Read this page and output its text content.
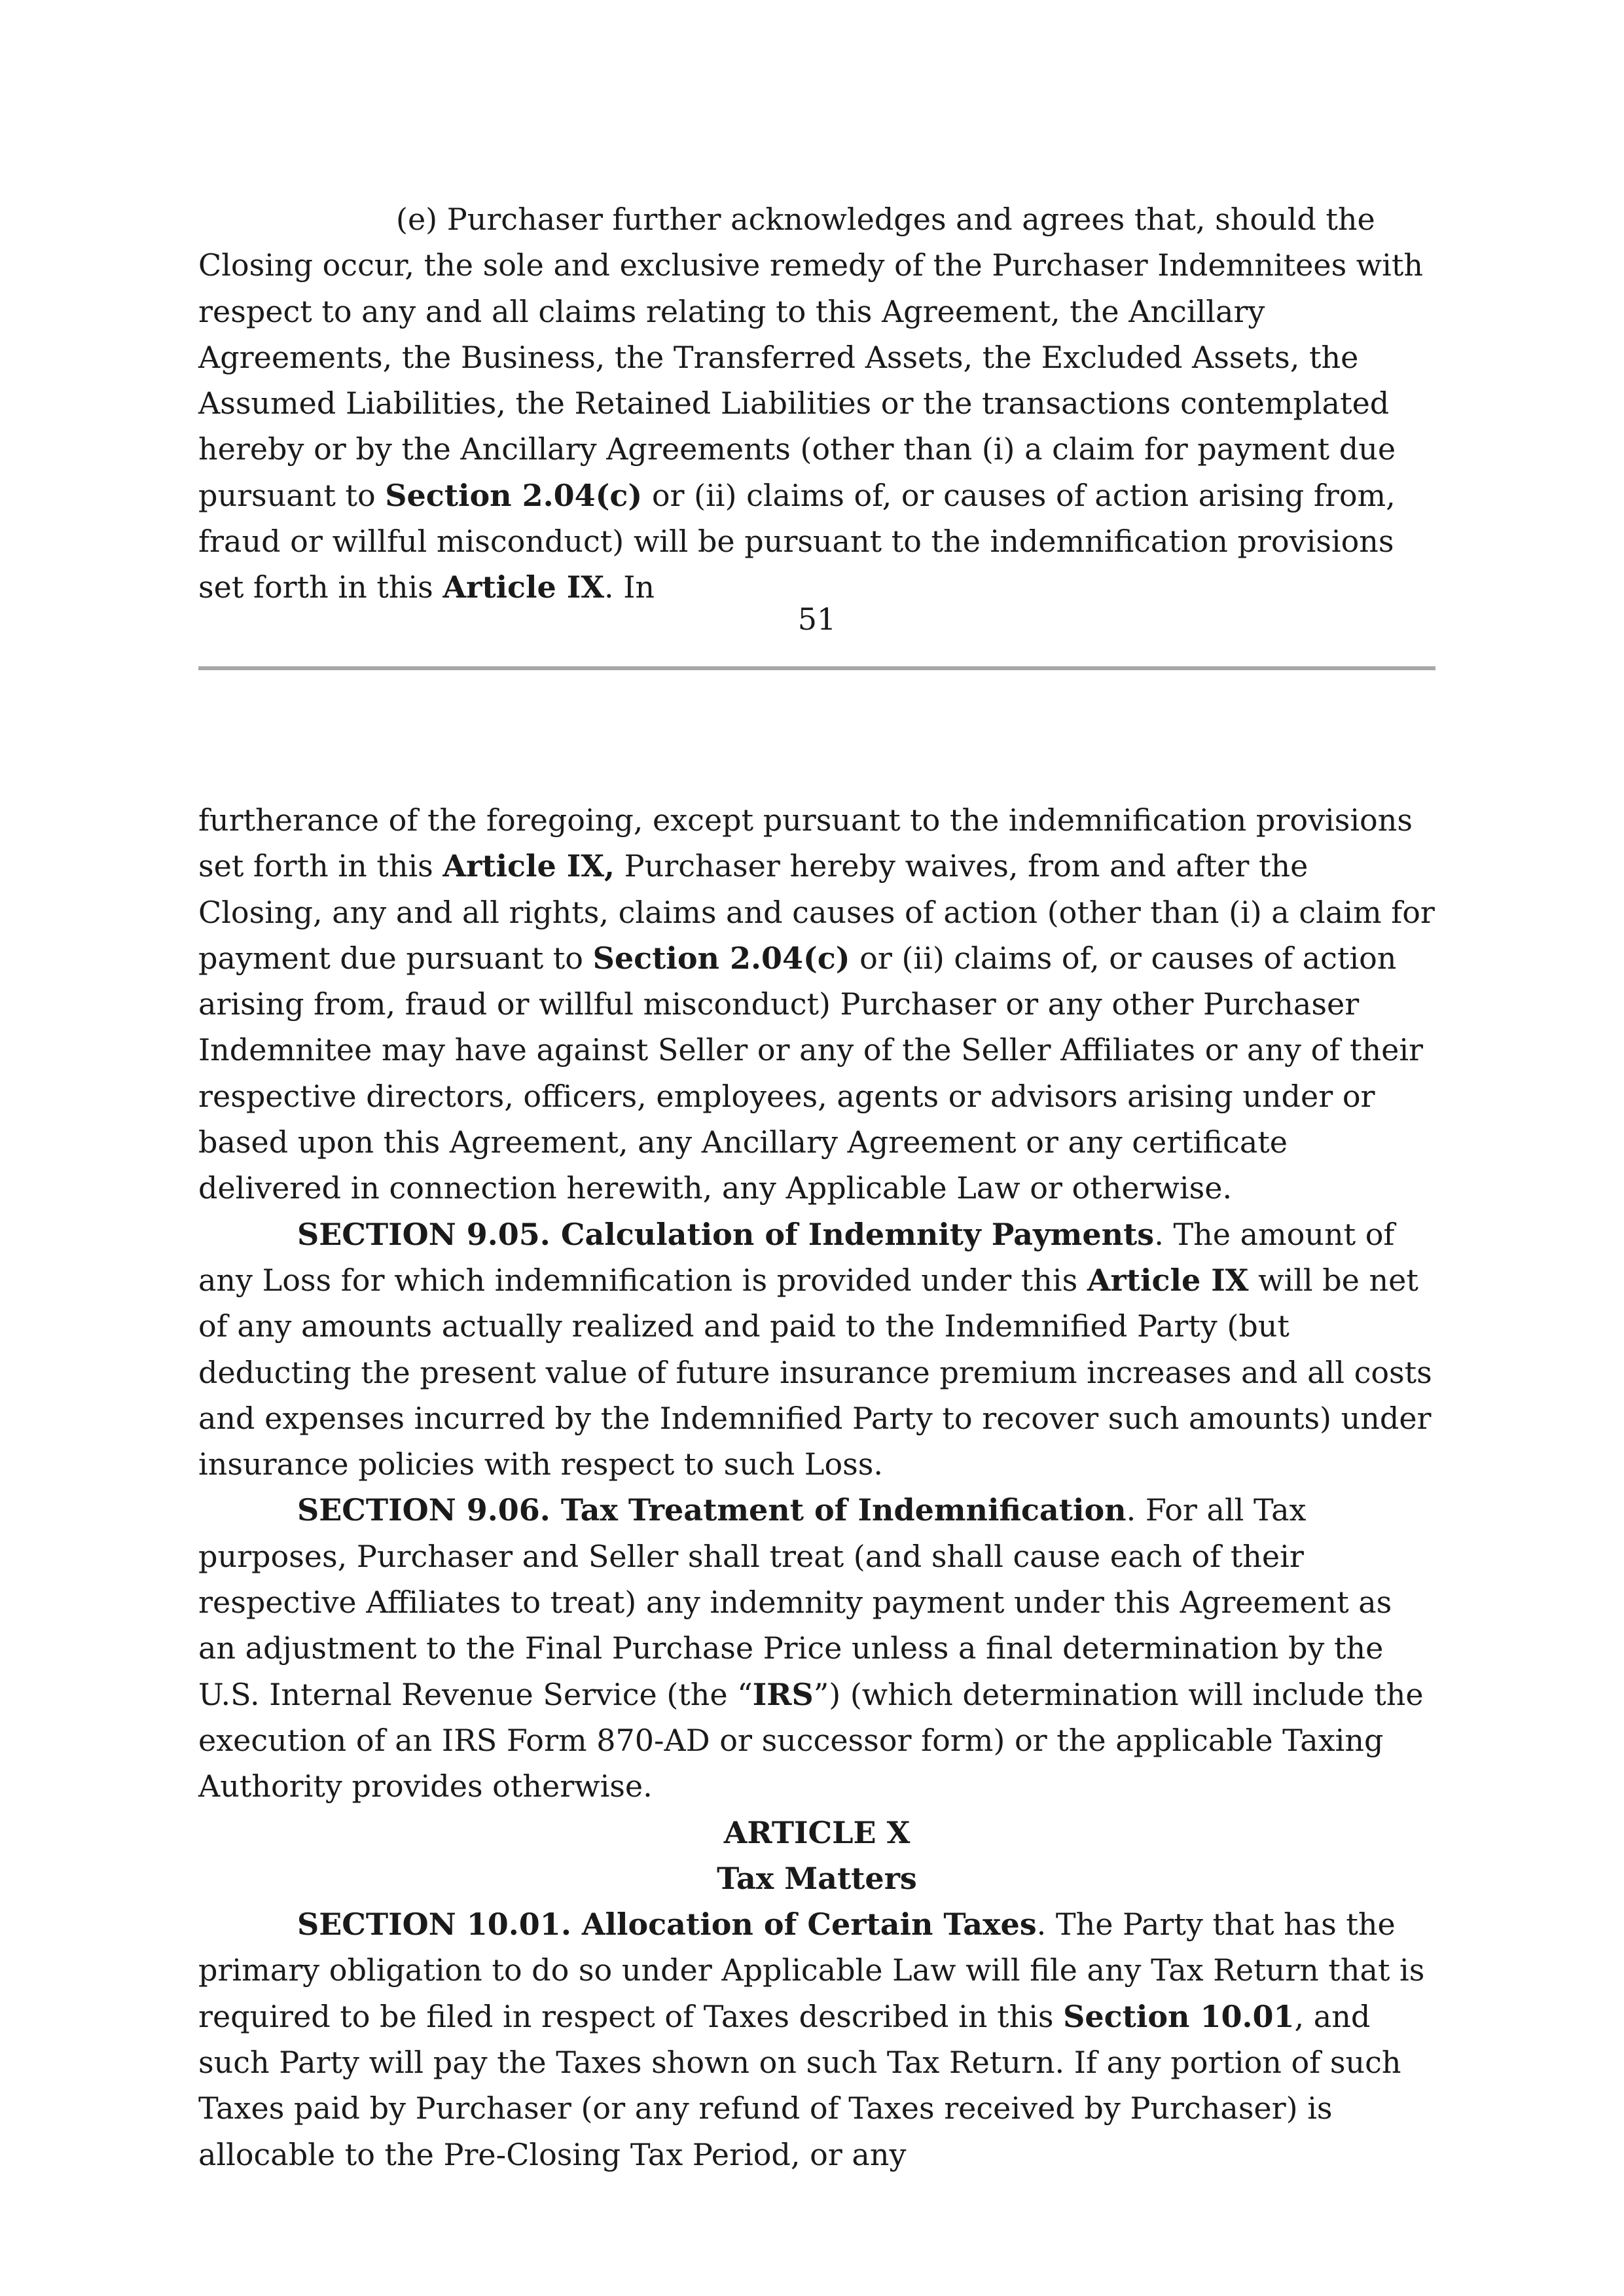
(e) Purchaser further acknowledges and agrees that, should the Closing occur, the sole and exclusive remedy of the Purchaser Indemnitees with respect to any and all claims relating to this Agreement, the Ancillary Agreements, the Business, the Transferred Assets, the Excluded Assets, the Assumed Liabilities, the Retained Liabilities or the transactions contemplated hereby or by the Ancillary Agreements (other than (i) a claim for payment due pursuant to Section 2.04(c) or (ii) claims of, or causes of action arising from, fraud or willful misconduct) will be pursuant to the indemnification provisions set forth in this Article IX. In

51

furtherance of the foregoing, except pursuant to the indemnification provisions set forth in this Article IX, Purchaser hereby waives, from and after the Closing, any and all rights, claims and causes of action (other than (i) a claim for payment due pursuant to Section 2.04(c) or (ii) claims of, or causes of action arising from, fraud or willful misconduct) Purchaser or any other Purchaser Indemnitee may have against Seller or any of the Seller Affiliates or any of their respective directors, officers, employees, agents or advisors arising under or based upon this Agreement, any Ancillary Agreement or any certificate delivered in connection herewith, any Applicable Law or otherwise.

SECTION 9.05. Calculation of Indemnity Payments. The amount of any Loss for which indemnification is provided under this Article IX will be net of any amounts actually realized and paid to the Indemnified Party (but deducting the present value of future insurance premium increases and all costs and expenses incurred by the Indemnified Party to recover such amounts) under insurance policies with respect to such Loss.

SECTION 9.06. Tax Treatment of Indemnification. For all Tax purposes, Purchaser and Seller shall treat (and shall cause each of their respective Affiliates to treat) any indemnity payment under this Agreement as an adjustment to the Final Purchase Price unless a final determination by the U.S. Internal Revenue Service (the “IRS”) (which determination will include the execution of an IRS Form 870-AD or successor form) or the applicable Taxing Authority provides otherwise.

ARTICLE X

Tax Matters

SECTION 10.01. Allocation of Certain Taxes. The Party that has the primary obligation to do so under Applicable Law will file any Tax Return that is required to be filed in respect of Taxes described in this Section 10.01, and such Party will pay the Taxes shown on such Tax Return. If any portion of such Taxes paid by Purchaser (or any refund of Taxes received by Purchaser) is allocable to the Pre-Closing Tax Period, or any
